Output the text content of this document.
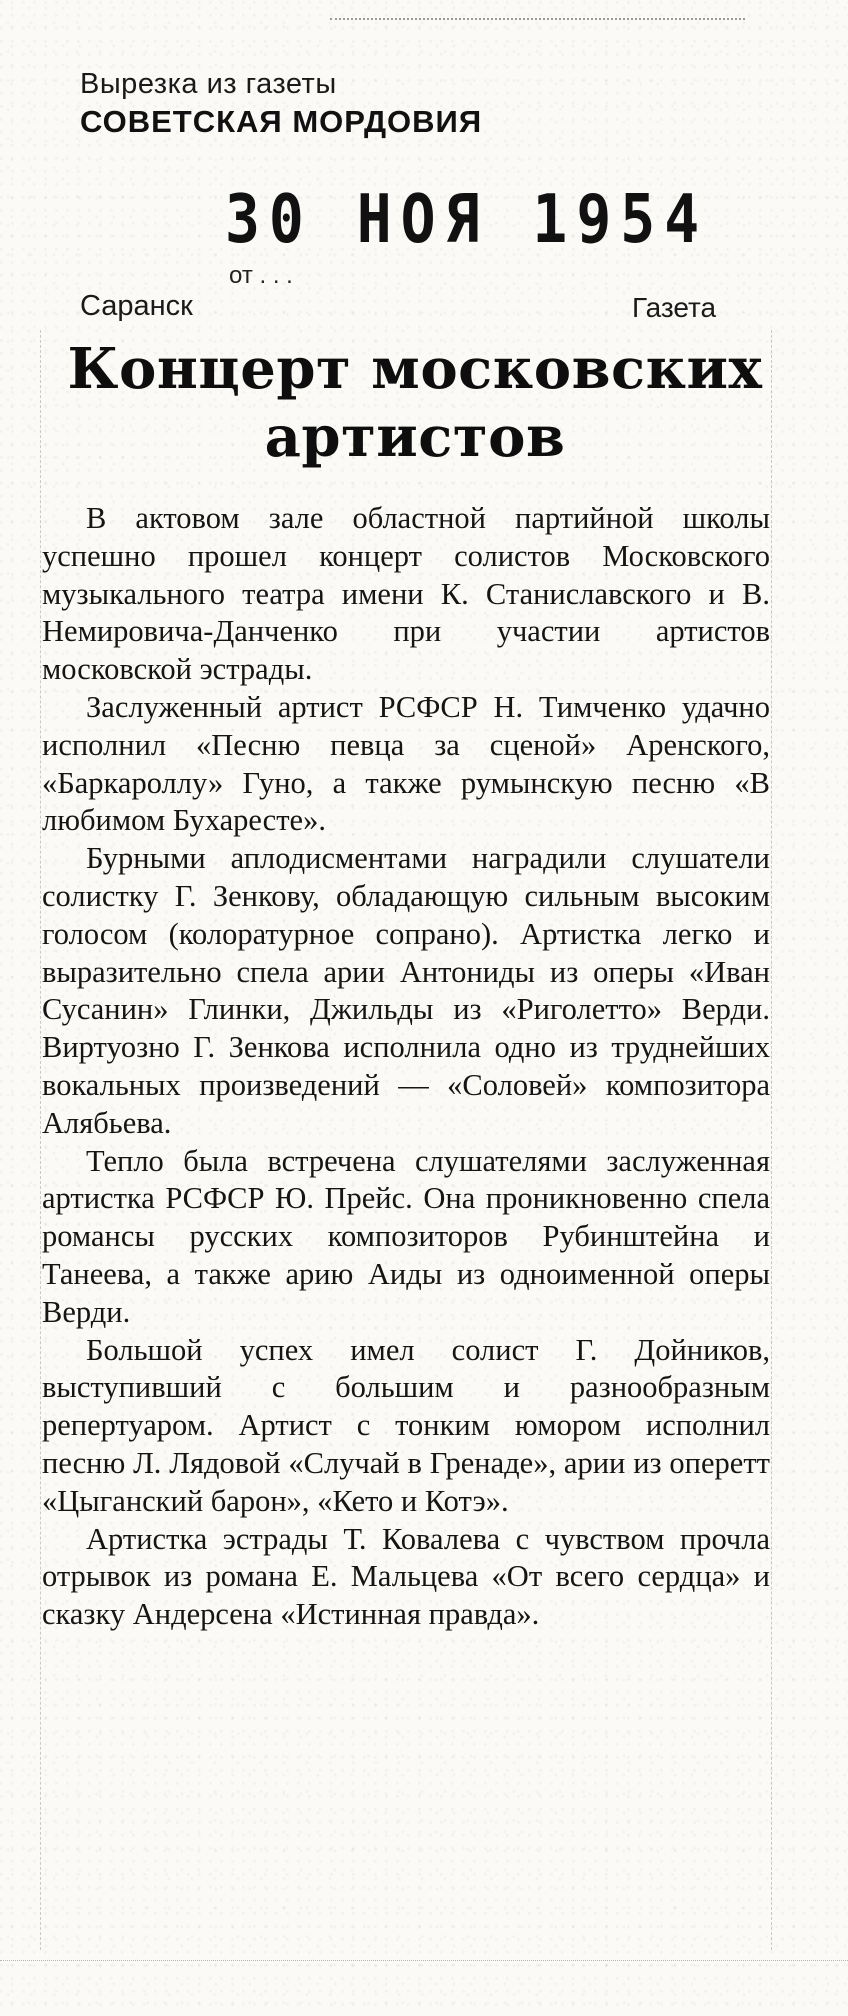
Вырезка из газеты
СОВЕТСКАЯ МОРДОВИЯ
30 НОЯ 1954от . . .
Саранск	Газета
Концерт московских
артистов

В актовом зале областной партийной школы успешно прошел концерт солистов Московского музыкального театра имени К. Станиславского и В. Немировича-Данченко при участии артистов московской эстрады.

Заслуженный артист РСФСР Н. Тимченко удачно исполнил «Песню певца за сценой» Аренского, «Баркароллу» Гуно, а также румынскую песню «В любимом Бухаресте».

Бурными аплодисментами наградили слушатели солистку Г. Зенкову, обладающую сильным высоким голосом (колоратурное сопрано). Артистка легко и выразительно спела арии Антониды из оперы «Иван Сусанин» Глинки, Джильды из «Риголетто» Верди. Виртуозно Г. Зенкова исполнила одно из труднейших вокальных произведений — «Соловей» композитора Алябьева.

Тепло была встречена слушателями заслуженная артистка РСФСР Ю. Прейс. Она проникновенно спела романсы русских композиторов Рубинштейна и Танеева, а также арию Аиды из одноименной оперы Верди.

Большой успех имел солист Г. Дойников, выступивший с большим и разнообразным репертуаром. Артист с тонким юмором исполнил песню Л. Лядовой «Случай в Гренаде», арии из оперетт «Цыганский барон», «Кето и Котэ».

Артистка эстрады Т. Ковалева с чувством прочла отрывок из романа Е. Мальцева «От всего сердца» и сказку Андерсена «Истинная правда».
